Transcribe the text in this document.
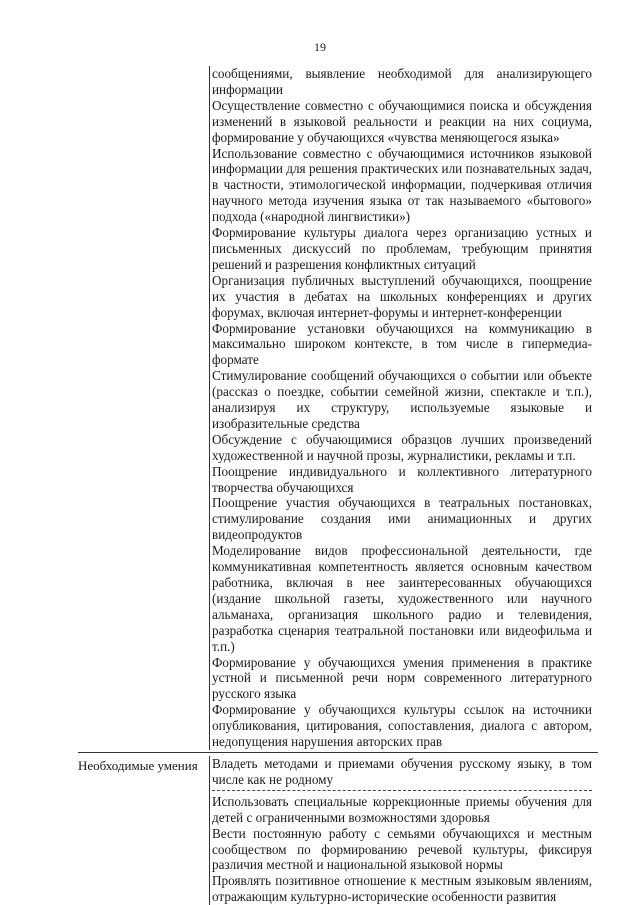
19

сообщениями, выявление необходимой для анализирующего информации

Осуществление совместно с обучающимися поиска и обсуждения изменений в языковой реальности и реакции на них социума, формирование у обучающихся «чувства меняющегося языка»

Использование совместно с обучающимися источников языковой информации для решения практических или познавательных задач, в частности, этимологической информации, подчеркивая отличия научного метода изучения языка от так называемого «бытового» подхода («народной лингвистики»)

Формирование культуры диалога через организацию устных и письменных дискуссий по проблемам, требующим принятия решений и разрешения конфликтных ситуаций

Организация публичных выступлений обучающихся, поощрение их участия в дебатах на школьных конференциях и других форумах, включая интернет-форумы и интернет-конференции

Формирование установки обучающихся на коммуникацию в максимально широком контексте, в том числе в гипермедиа-формате

Стимулирование сообщений обучающихся о событии или объекте (рассказ о поездке, событии семейной жизни, спектакле и т.п.), анализируя их структуру, используемые языковые и изобразительные средства

Обсуждение с обучающимися образцов лучших произведений художественной и научной прозы, журналистики, рекламы и т.п.

Поощрение индивидуального и коллективного литературного творчества обучающихся

Поощрение участия обучающихся в театральных постановках, стимулирование создания ими анимационных и других видеопродуктов

Моделирование видов профессиональной деятельности, где коммуникативная компетентность является основным качеством работника, включая в нее заинтересованных обучающихся (издание школьной газеты, художественного или научного альманаха, организация школьного радио и телевидения, разработка сценария театральной постановки или видеофильма и т.п.)

Формирование у обучающихся умения применения в практике устной и письменной речи норм современного литературного русского языка

Формирование у обучающихся культуры ссылок на источники опубликования, цитирования, сопоставления, диалога с автором, недопущения нарушения авторских прав

Необходимые умения	Владеть методами и приемами обучения русскому языку, в том числе как не родному

Использовать специальные коррекционные приемы обучения для детей с ограниченными возможностями здоровья

Вести постоянную работу с семьями обучающихся и местным сообществом по формированию речевой культуры, фиксируя различия местной и национальной языковой нормы

Проявлять позитивное отношение к местным языковым явлениям, отражающим культурно-исторические особенности развития
